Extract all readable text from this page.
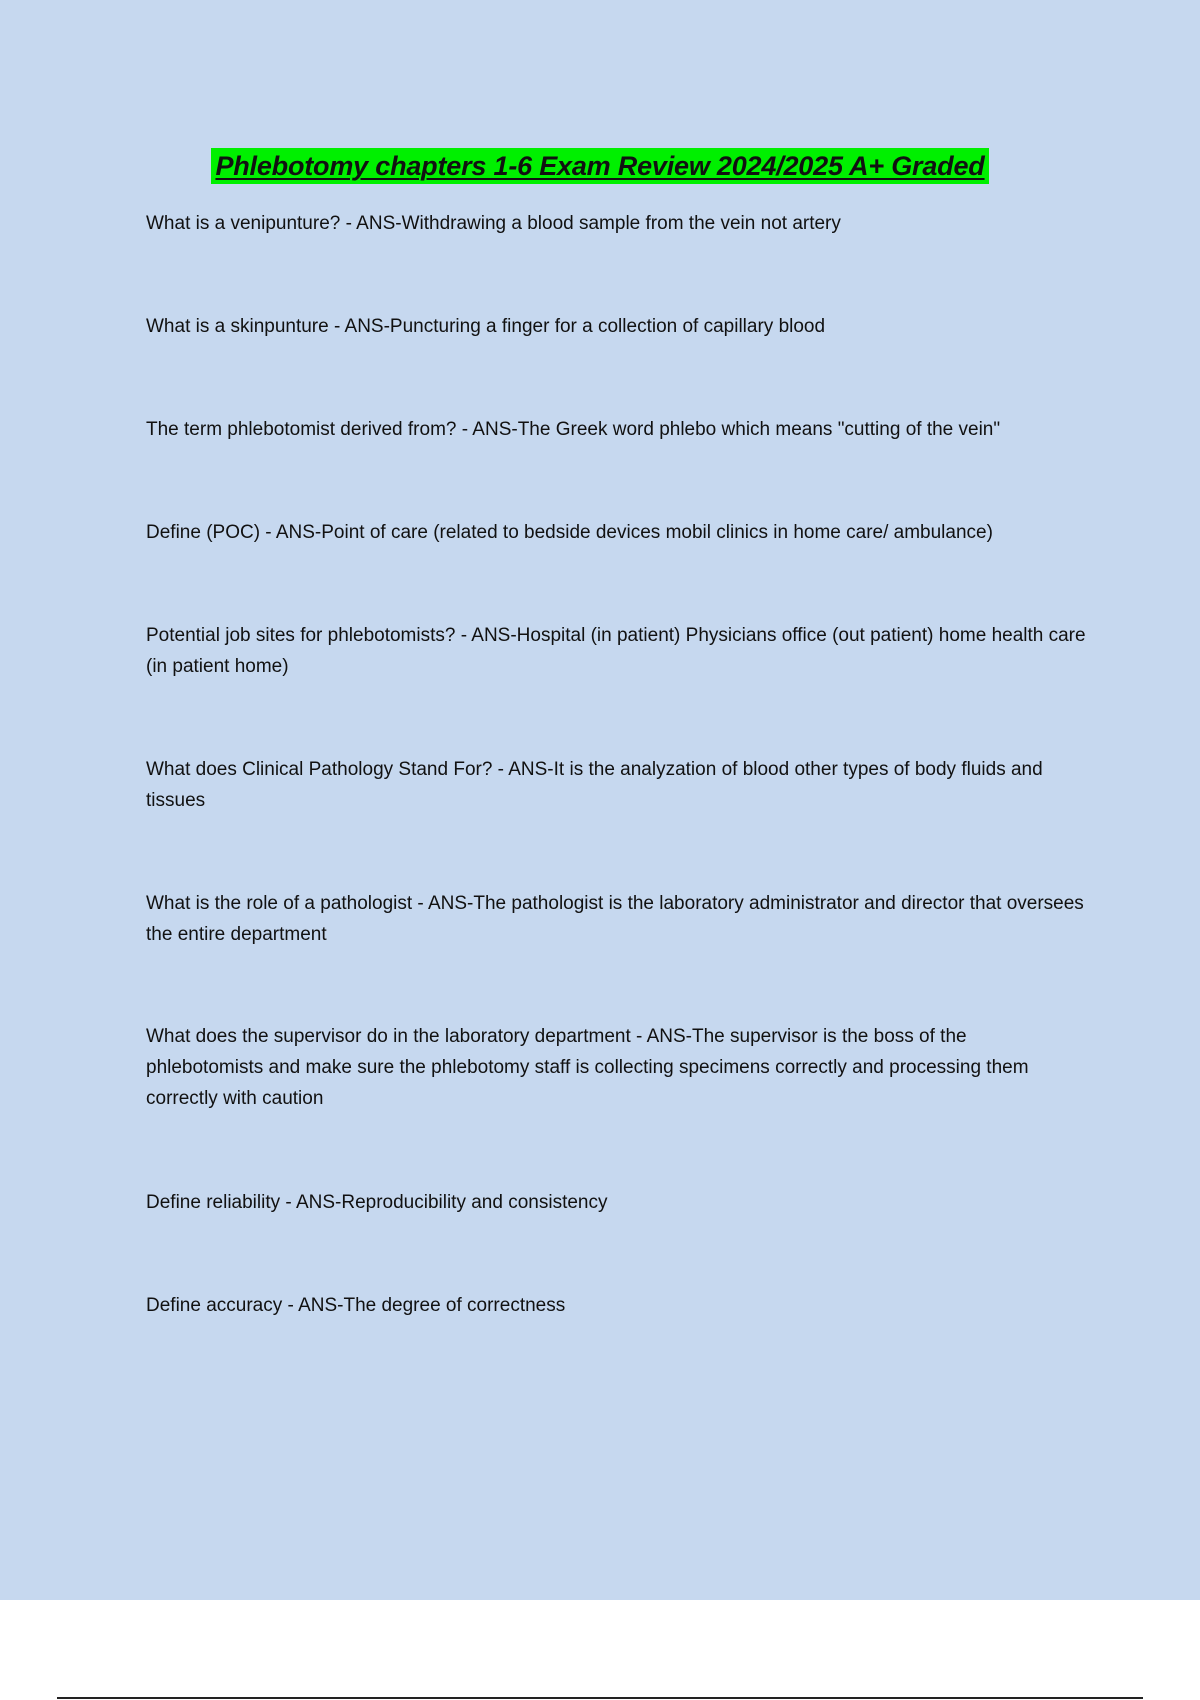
Phlebotomy chapters 1-6 Exam Review 2024/2025 A+ Graded

What is a venipunture? - ANS-Withdrawing a blood sample from the vein not artery

What is a skinpunture - ANS-Puncturing a finger for a collection of capillary blood

The term phlebotomist derived from? - ANS-The Greek word phlebo which means "cutting of the vein"

Define (POC) - ANS-Point of care (related to bedside devices mobil clinics in home care/ ambulance)

Potential job sites for phlebotomists? - ANS-Hospital (in patient) Physicians office (out patient) home health care (in patient home)

What does Clinical Pathology Stand For? - ANS-It is the analyzation of blood other types of body fluids and tissues

What is the role of a pathologist - ANS-The pathologist is the laboratory administrator and director that oversees the entire department

What does the supervisor do in the laboratory department - ANS-The supervisor is the boss of the phlebotomists and make sure the phlebotomy staff is collecting specimens correctly and processing them correctly with caution

Define reliability - ANS-Reproducibility and consistency

Define accuracy - ANS-The degree of correctness
